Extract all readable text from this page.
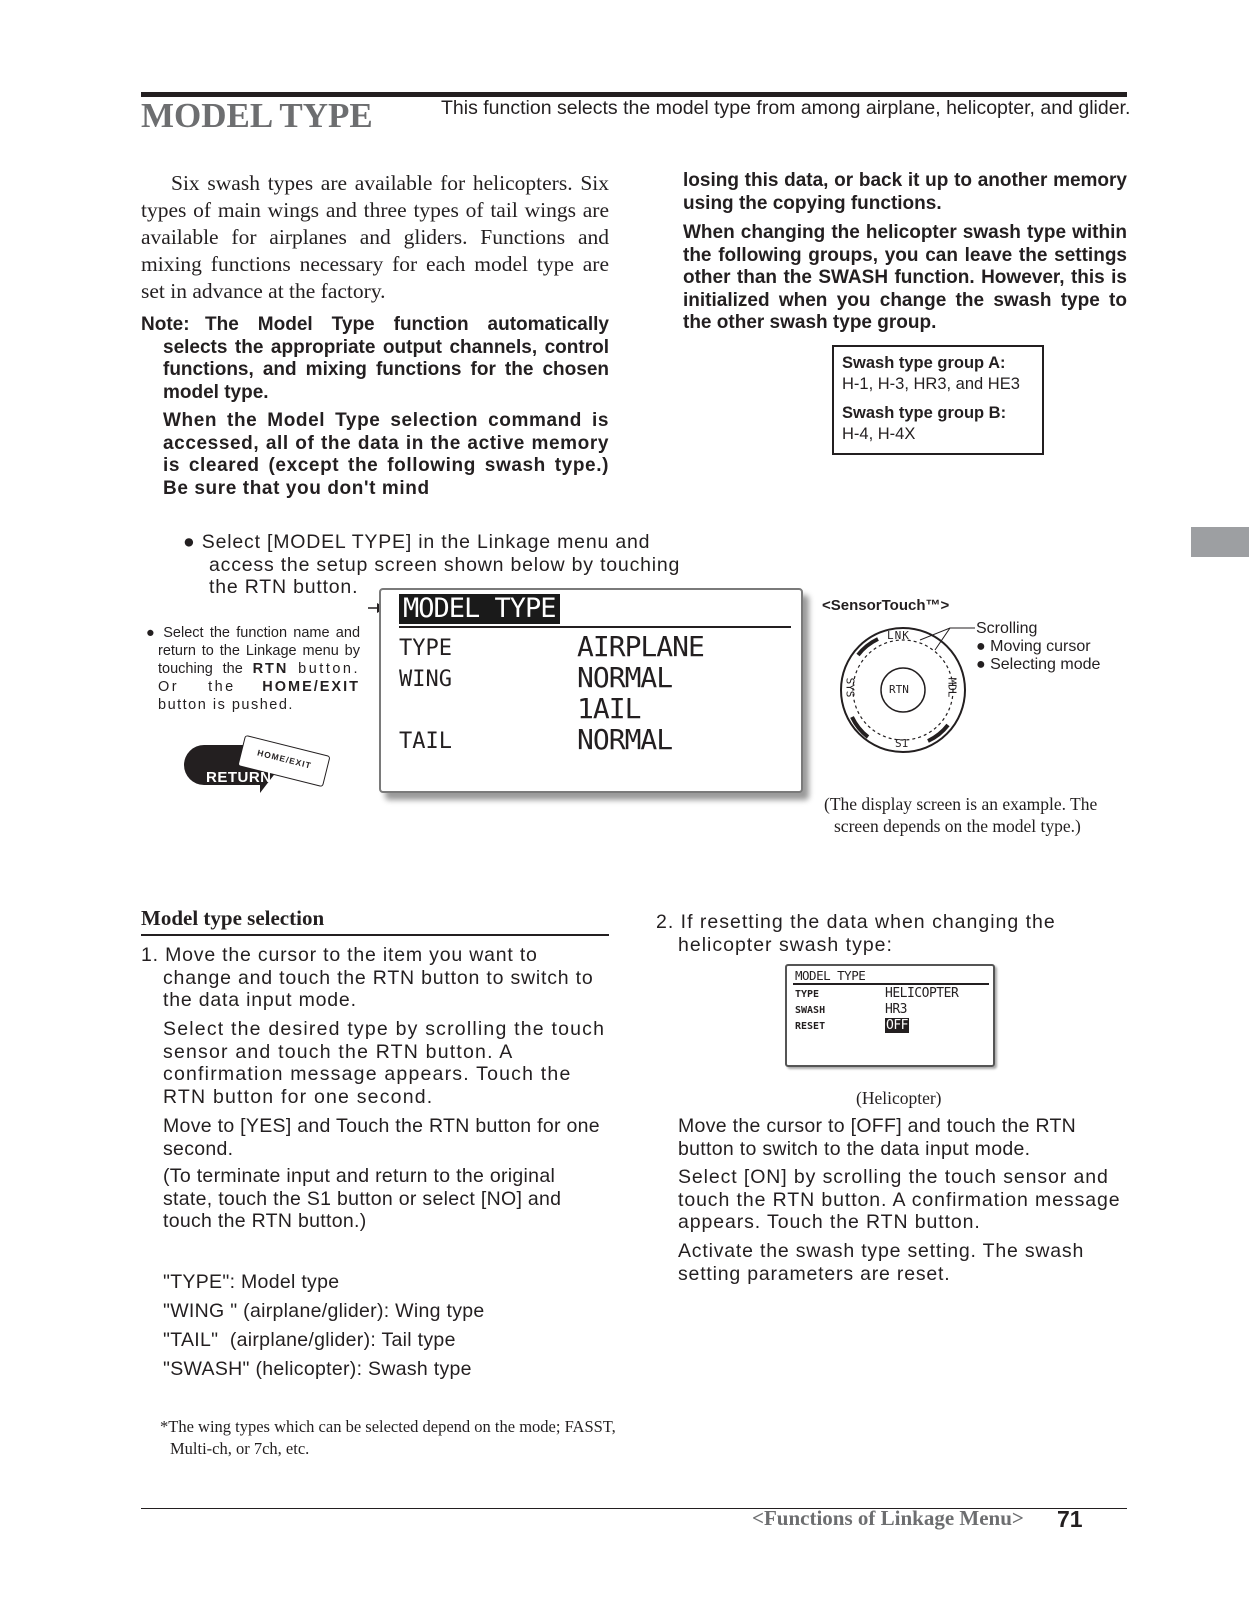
MODEL TYPE	This function selects the model type from among airplane, helicopter, and glider.
Six swash types are available for helicopters. Six types of main wings and three types of tail wings are available for airplanes and gliders. Functions and mixing functions necessary for each model type are set in advance at the factory.
Note: The Model Type function automatically selects the appropriate output channels, control functions, and mixing functions for the chosen model type.
When the Model Type selection command is accessed, all of the data in the active memory is cleared (except the following swash type.) Be sure that you don't mind
losing this data, or back it up to another memory using the copying functions.
When changing the helicopter swash type within the following groups, you can leave the settings other than the SWASH function. However, this is initialized when you change the swash type to the other swash type group.
Swash type group A:
H-1, H-3, HR3, and HE3
Swash type group B:
H-4, H-4X
● Select [MODEL TYPE] in the Linkage menu and access the setup screen shown below by touching the RTN button.
● Select the function name and return to the Linkage menu by touching the RTN button. Or the HOME/EXIT button is pushed.
HOME/EXIT
RETURN
MODEL TYPE
TYPE	AIRPLANE
WING	NORMAL
1AIL
TAIL	NORMAL
<SensorTouch™>
LNK
SYS	RTN	MDL
S1
Scrolling
● Moving cursor
● Selecting mode
(The display screen is an example. The screen depends on the model type.)
Model type selection
1. Move the cursor to the item you want to change and touch the RTN button to switch to the data input mode.
Select the desired type by scrolling the touch sensor and touch the RTN button. A confirmation message appears. Touch the RTN button for one second.
Move to [YES] and Touch the RTN button for one second.
(To terminate input and return to the original state, touch the S1 button or select [NO] and touch the RTN button.)
"TYPE": Model type
"WING " (airplane/glider): Wing type
"TAIL"  (airplane/glider): Tail type
"SWASH" (helicopter): Swash type
*The wing types which can be selected depend on the mode; FASST, Multi-ch, or 7ch, etc.
2. If resetting the data when changing the helicopter swash type:
MODEL TYPE
TYPE	HELICOPTER
SWASH	HR3
RESET	OFF
(Helicopter)
Move the cursor to [OFF] and touch the RTN button to switch to the data input mode.
Select [ON] by scrolling the touch sensor and touch the RTN button. A confirmation message appears. Touch the RTN button.
Activate the swash type setting. The swash setting parameters are reset.
<Functions of Linkage Menu> 71
